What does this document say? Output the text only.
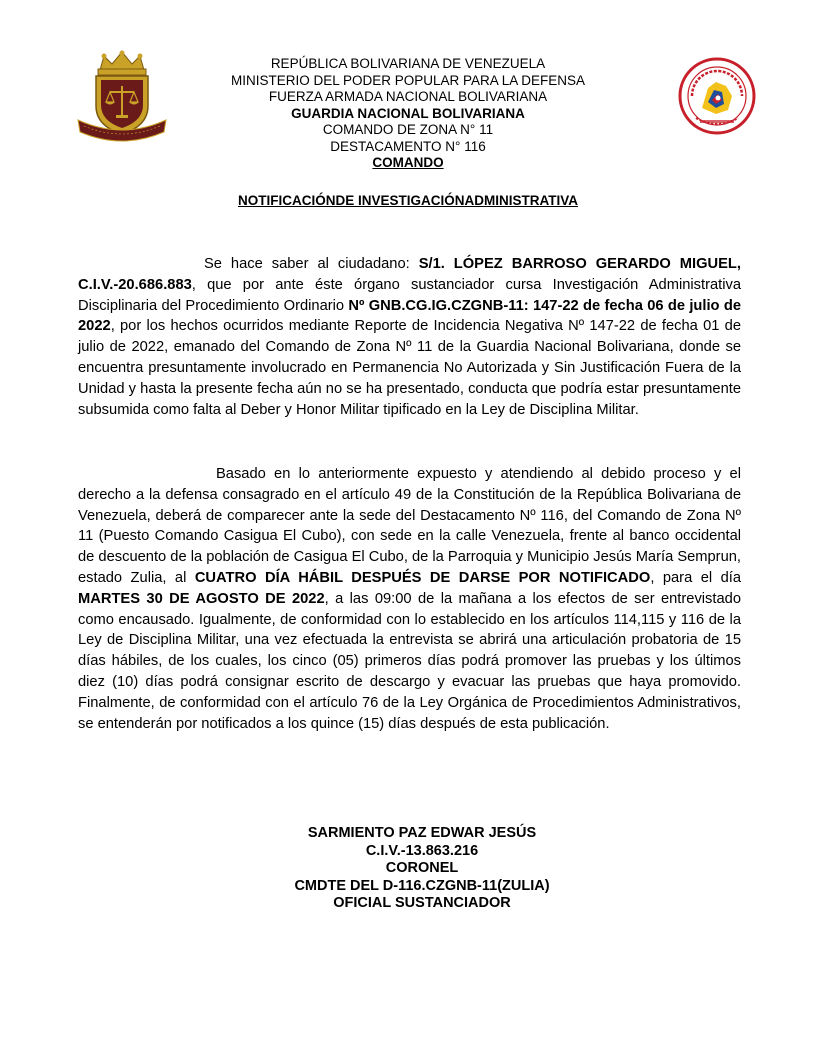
REPÚBLICA BOLIVARIANA DE VENEZUELA
MINISTERIO DEL PODER POPULAR PARA LA DEFENSA
FUERZA ARMADA NACIONAL BOLIVARIANA
GUARDIA NACIONAL BOLIVARIANA
COMANDO DE ZONA N° 11
DESTACAMENTO N° 116
COMANDO
NOTIFICACIÓNDE INVESTIGACIÓNADMINISTRATIVA

Se hace saber al ciudadano: S/1. LÓPEZ BARROSO GERARDO MIGUEL, C.I.V.-20.686.883, que por ante éste órgano sustanciador cursa Investigación Administrativa Disciplinaria del Procedimiento Ordinario Nº GNB.CG.IG.CZGNB-11: 147-22 de fecha 06 de julio de 2022, por los hechos ocurridos mediante Reporte de Incidencia Negativa Nº 147-22 de fecha 01 de julio de 2022, emanado del Comando de Zona Nº 11 de la Guardia Nacional Bolivariana, donde se encuentra presuntamente involucrado en Permanencia No Autorizada y Sin Justificación Fuera de la Unidad y hasta la presente fecha aún no se ha presentado, conducta que podría estar presuntamente subsumida como falta al Deber y Honor Militar tipificado en la Ley de Disciplina Militar.

Basado en lo anteriormente expuesto y atendiendo al debido proceso y el derecho a la defensa consagrado en el artículo 49 de la Constitución de la República Bolivariana de Venezuela, deberá de comparecer ante la sede del Destacamento Nº 116, del Comando de Zona Nº 11 (Puesto Comando Casigua El Cubo), con sede en la calle Venezuela, frente al banco occidental de descuento de la población de Casigua El Cubo, de la Parroquia y Municipio Jesús María Semprun, estado Zulia, al CUATRO DÍA HÁBIL DESPUÉS DE DARSE POR NOTIFICADO, para el día MARTES 30 DE AGOSTO DE 2022, a las 09:00 de la mañana a los efectos de ser entrevistado como encausado. Igualmente, de conformidad con lo establecido en los artículos 114,115 y 116 de la Ley de Disciplina Militar, una vez efectuada la entrevista se abrirá una articulación probatoria de 15 días hábiles, de los cuales, los cinco (05) primeros días podrá promover las pruebas y los últimos diez (10) días podrá consignar escrito de descargo y evacuar las pruebas que haya promovido. Finalmente, de conformidad con el artículo 76 de la Ley Orgánica de Procedimientos Administrativos, se entenderán por notificados a los quince (15) días después de esta publicación.

SARMIENTO PAZ EDWAR JESÚS
C.I.V.-13.863.216
CORONEL
CMDTE DEL D-116.CZGNB-11(ZULIA)
OFICIAL SUSTANCIADOR
